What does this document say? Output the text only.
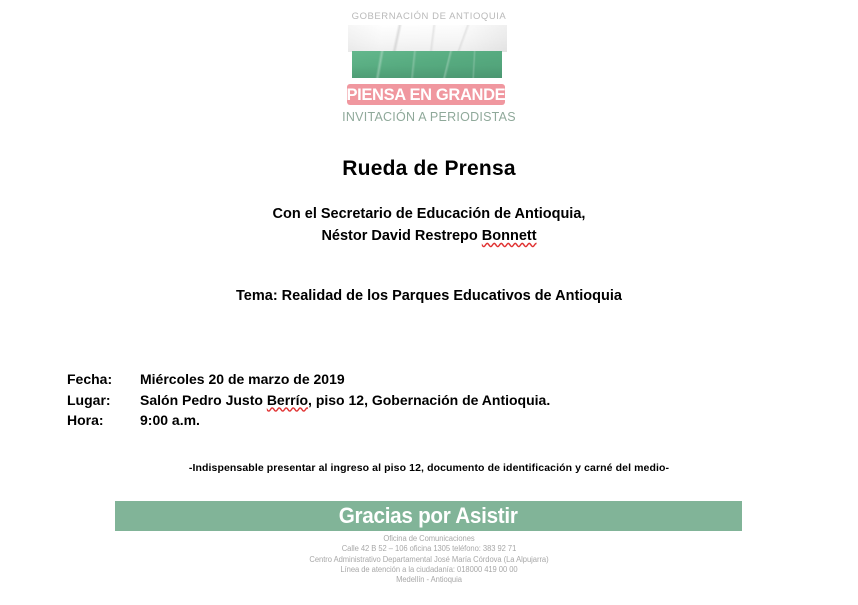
GOBERNACIÓN DE ANTIOQUIA
PIENSA EN GRANDE
INVITACIÓN A PERIODISTAS
Rueda de Prensa
Con el Secretario de Educación de Antioquia,
Néstor David Restrepo Bonnett
Tema: Realidad de los Parques Educativos de Antioquia
Fecha:	Miércoles 20 de marzo de 2019
Lugar:	Salón Pedro Justo Berrío, piso 12, Gobernación de Antioquia.
Hora:	9:00 a.m.
-Indispensable presentar al ingreso al piso 12, documento de identificación y carné del medio-
Gracias por Asistir
Oficina de Comunicaciones
Calle 42 B 52 – 106 oficina 1305 teléfono: 383 92 71
Centro Administrativo Departamental José María Córdova (La Alpujarra)
Línea de atención a la ciudadanía: 018000 419 00 00
Medellín - Antioquia
